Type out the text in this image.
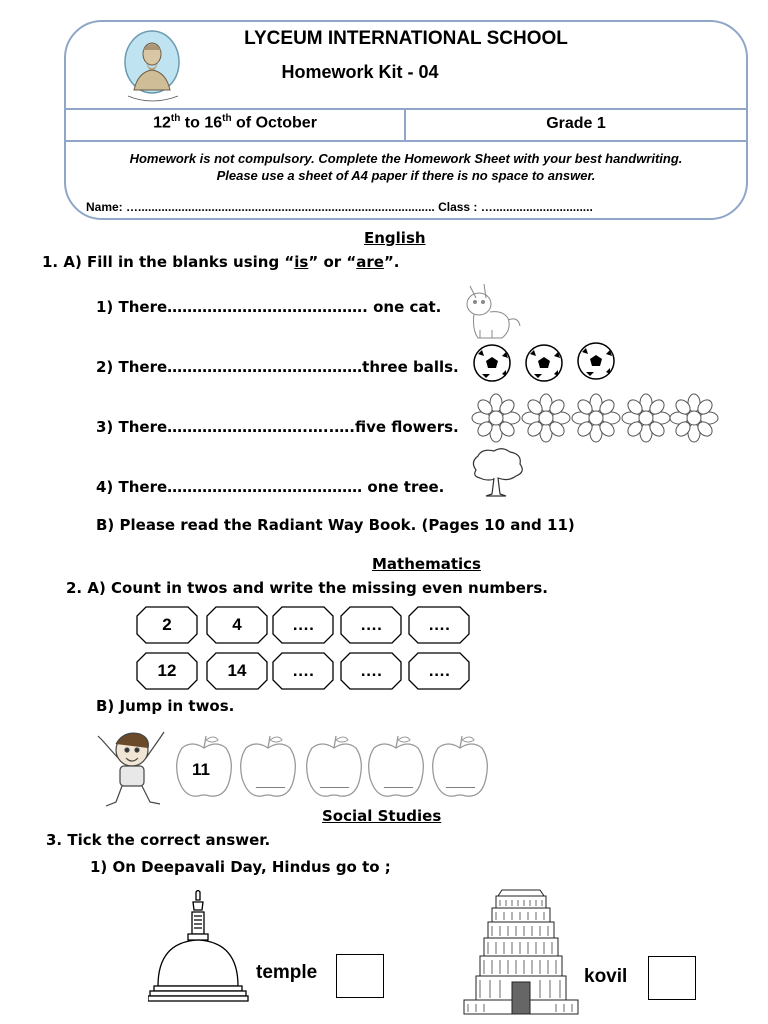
LYCEUM INTERNATIONAL SCHOOL
Homework Kit - 04
12th to 16th of October	Grade 1
Homework is not compulsory. Complete the Homework Sheet with your best handwriting.
Please use a sheet of A4 paper if there is no space to answer.
Name: …......................................................................................... Class : …..............................
English
1. A) Fill in the blanks using “is” or “are”.
1) There…………………………………. one cat.
2) There…………………………………three balls.
3) There……………………….…..….five flowers.
4) There………………………………… one tree.
B) Please read the Radiant Way Book. (Pages 10 and 11)
Mathematics
2. A) Count in twos and write the missing even numbers.
2	4	….	….	….
12	14	….	….	….
B) Jump in twos.
11
____	____	____	____
Social Studies
3. Tick the correct answer.
1) On Deepavali Day, Hindus go to ;
temple	kovil
